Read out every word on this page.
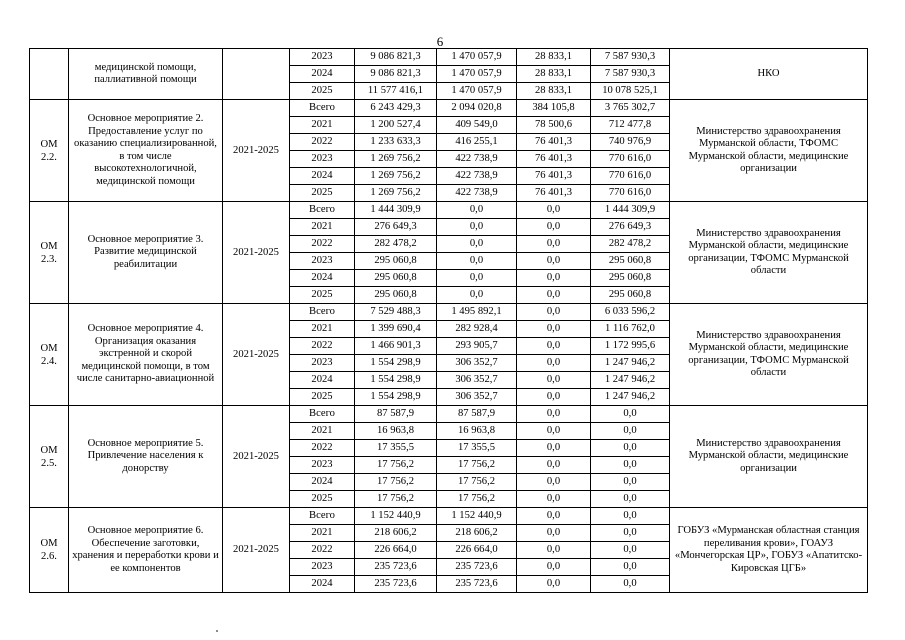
6
	медицинской помощи, паллиативной помощи		2023	9 086 821,3	1 470 057,9	28 833,1	7 587 930,3	НКО
			2024	9 086 821,3	1 470 057,9	28 833,1	7 587 930,3	
			2025	11 577 416,1	1 470 057,9	28 833,1	10 078 525,1	
ОМ 2.2.	Основное мероприятие 2. Предоставление услуг по оказанию специализированной, в том числе высокотехнологичной, медицинской помощи	2021-2025	Всего	6 243 429,3	2 094 020,8	384 105,8	3 765 302,7	Министерство здравоохранения Мурманской области, ТФОМС Мурманской области, медицинские организации
			2021	1 200 527,4	409 549,0	78 500,6	712 477,8	
			2022	1 233 633,3	416 255,1	76 401,3	740 976,9	
			2023	1 269 756,2	422 738,9	76 401,3	770 616,0	
			2024	1 269 756,2	422 738,9	76 401,3	770 616,0	
			2025	1 269 756,2	422 738,9	76 401,3	770 616,0	
ОМ 2.3.	Основное мероприятие 3. Развитие медицинской реабилитации	2021-2025	Всего	1 444 309,9	0,0	0,0	1 444 309,9	Министерство здравоохранения Мурманской области, медицинские организации, ТФОМС Мурманской области
			2021	276 649,3	0,0	0,0	276 649,3	
			2022	282 478,2	0,0	0,0	282 478,2	
			2023	295 060,8	0,0	0,0	295 060,8	
			2024	295 060,8	0,0	0,0	295 060,8	
			2025	295 060,8	0,0	0,0	295 060,8	
ОМ 2.4.	Основное мероприятие 4. Организация оказания экстренной и скорой медицинской помощи, в том числе санитарно-авиационной	2021-2025	Всего	7 529 488,3	1 495 892,1	0,0	6 033 596,2	Министерство здравоохранения Мурманской области, медицинские организации, ТФОМС Мурманской области
			2021	1 399 690,4	282 928,4	0,0	1 116 762,0	
			2022	1 466 901,3	293 905,7	0,0	1 172 995,6	
			2023	1 554 298,9	306 352,7	0,0	1 247 946,2	
			2024	1 554 298,9	306 352,7	0,0	1 247 946,2	
			2025	1 554 298,9	306 352,7	0,0	1 247 946,2	
ОМ 2.5.	Основное мероприятие 5. Привлечение населения к донорству	2021-2025	Всего	87 587,9	87 587,9	0,0	0,0	Министерство здравоохранения Мурманской области, медицинские организации
			2021	16 963,8	16 963,8	0,0	0,0	
			2022	17 355,5	17 355,5	0,0	0,0	
			2023	17 756,2	17 756,2	0,0	0,0	
			2024	17 756,2	17 756,2	0,0	0,0	
			2025	17 756,2	17 756,2	0,0	0,0	
ОМ 2.6.	Основное мероприятие 6. Обеспечение заготовки, хранения и переработки крови и ее компонентов	2021-2025	Всего	1 152 440,9	1 152 440,9	0,0	0,0	ГОБУЗ «Мурманская областная станция переливания крови», ГОАУЗ «Мончегорская ЦР», ГОБУЗ «Апатитско-Кировская ЦГБ»
			2021	218 606,2	218 606,2	0,0	0,0	
			2022	226 664,0	226 664,0	0,0	0,0	
			2023	235 723,6	235 723,6	0,0	0,0	
			2024	235 723,6	235 723,6	0,0	0,0	
